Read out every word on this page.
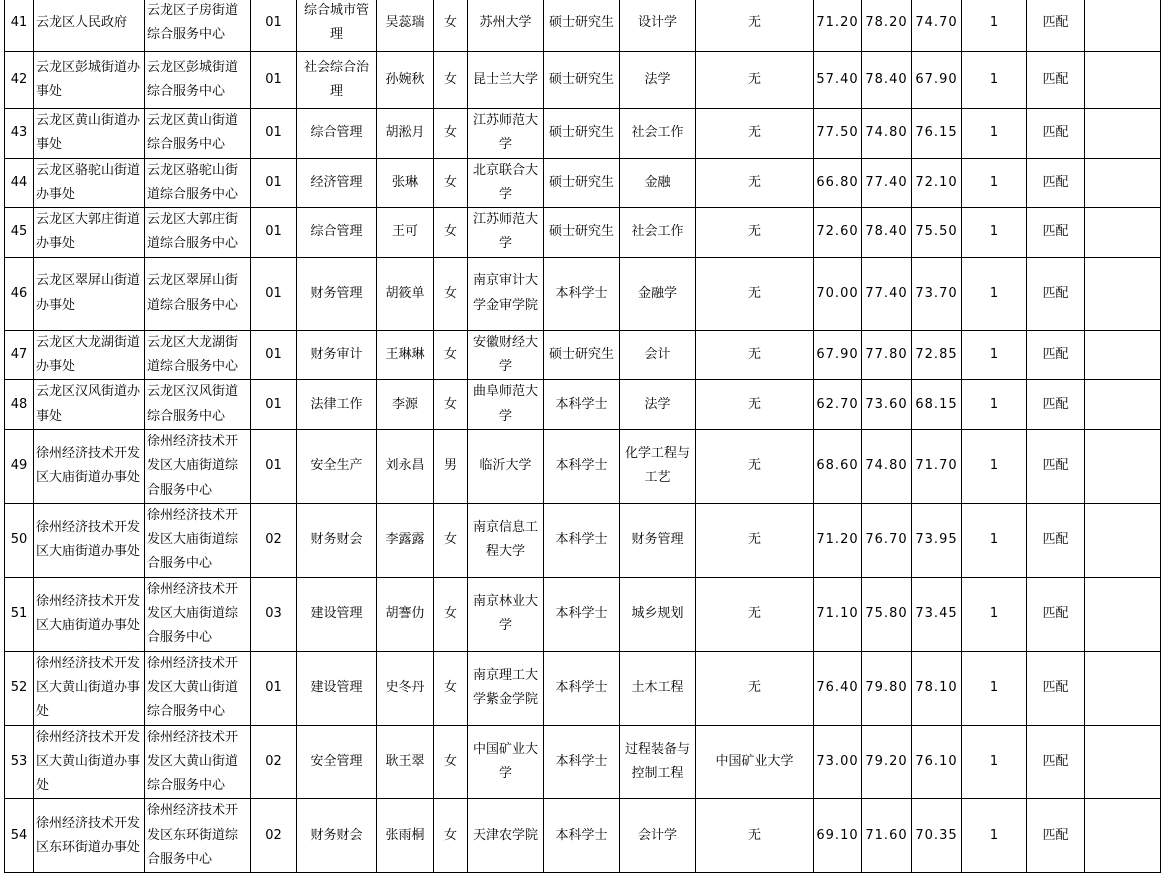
41	云龙区人民政府	云龙区子房街道综合服务中心	01	综合城市管理	吴蕊瑞	女	苏州大学	硕士研究生	设计学	无	71.20	78.20	74.70	1	匹配	
42	云龙区彭城街道办事处	云龙区彭城街道综合服务中心	01	社会综合治理	孙婉秋	女	昆士兰大学	硕士研究生	法学	无	57.40	78.40	67.90	1	匹配	
43	云龙区黄山街道办事处	云龙区黄山街道综合服务中心	01	综合管理	胡淞月	女	江苏师范大学	硕士研究生	社会工作	无	77.50	74.80	76.15	1	匹配	
44	云龙区骆驼山街道办事处	云龙区骆驼山街道综合服务中心	01	经济管理	张琳	女	北京联合大学	硕士研究生	金融	无	66.80	77.40	72.10	1	匹配	
45	云龙区大郭庄街道办事处	云龙区大郭庄街道综合服务中心	01	综合管理	王可	女	江苏师范大学	硕士研究生	社会工作	无	72.60	78.40	75.50	1	匹配	
46	云龙区翠屏山街道办事处	云龙区翠屏山街道综合服务中心	01	财务管理	胡筱单	女	南京审计大学金审学院	本科学士	金融学	无	70.00	77.40	73.70	1	匹配	
47	云龙区大龙湖街道办事处	云龙区大龙湖街道综合服务中心	01	财务审计	王琳琳	女	安徽财经大学	硕士研究生	会计	无	67.90	77.80	72.85	1	匹配	
48	云龙区汉风街道办事处	云龙区汉风街道综合服务中心	01	法律工作	李源	女	曲阜师范大学	本科学士	法学	无	62.70	73.60	68.15	1	匹配	
49	徐州经济技术开发区大庙街道办事处	徐州经济技术开发区大庙街道综合服务中心	01	安全生产	刘永昌	男	临沂大学	本科学士	化学工程与工艺	无	68.60	74.80	71.70	1	匹配	
50	徐州经济技术开发区大庙街道办事处	徐州经济技术开发区大庙街道综合服务中心	02	财务财会	李露露	女	南京信息工程大学	本科学士	财务管理	无	71.20	76.70	73.95	1	匹配	
51	徐州经济技术开发区大庙街道办事处	徐州经济技术开发区大庙街道综合服务中心	03	建设管理	胡謇仂	女	南京林业大学	本科学士	城乡规划	无	71.10	75.80	73.45	1	匹配	
52	徐州经济技术开发区大黄山街道办事处	徐州经济技术开发区大黄山街道综合服务中心	01	建设管理	史冬丹	女	南京理工大学紫金学院	本科学士	土木工程	无	76.40	79.80	78.10	1	匹配	
53	徐州经济技术开发区大黄山街道办事处	徐州经济技术开发区大黄山街道综合服务中心	02	安全管理	耿王翠	女	中国矿业大学	本科学士	过程装备与控制工程	中国矿业大学	73.00	79.20	76.10	1	匹配	
54	徐州经济技术开发区东环街道办事处	徐州经济技术开发区东环街道综合服务中心	02	财务财会	张雨桐	女	天津农学院	本科学士	会计学	无	69.10	71.60	70.35	1	匹配	
